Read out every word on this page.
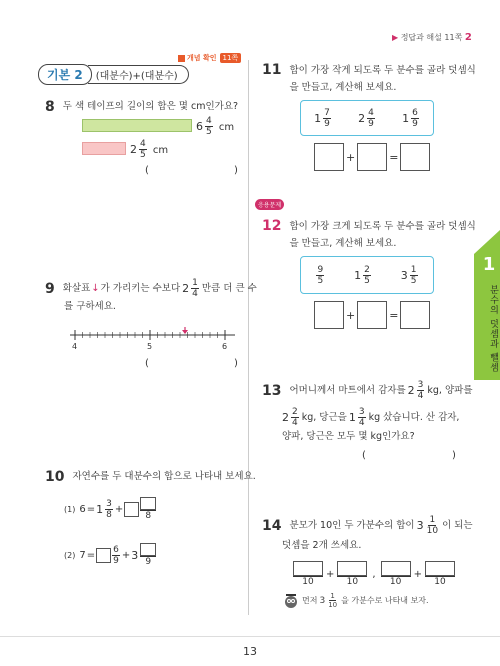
▶ 정답과 해설 11쪽 2
개념 확인 11쪽
기본 2	(대분수)+(대분수)
1
분수의 덧셈과 뺄셈
8 두 색 테이프의 길이의 합은 몇 cm인가요?
$6 \frac{4}{5}$ cm
$2 \frac{4}{5}$ cm
(	)
9 화살표 ↓ 가 가리키는 수보다 $2 \frac{1}{4}$ 만큼 더 큰 수
를 구하세요.
4	5	6
(	)
10 자연수를 두 대분수의 합으로 나타내 보세요.
(1) $6 = 1 \frac{3}{8}$ +
8
(2) $7 = \frac{6}{9} + 3$
9
11 합이 가장 작게 되도록 두 분수를 골라 덧셈식
을 만들고, 계산해 보세요.
$1 \frac{7}{9} 2 \frac{4}{9} 1 \frac{6}{9}$
+	=
응용문제
12 합이 가장 크게 되도록 두 분수를 골라 덧셈식
을 만들고, 계산해 보세요.
$\frac{9}{5}$	$1 \frac{2}{5}$	$3 \frac{1}{5}$
+	=
13 어머니께서 마트에서 감자를 $2 \frac{3}{4}$ kg, 양파를
$2 \frac{2}{4}$ kg, 당근을 $1 \frac{3}{4}$ kg 샀습니다. 산 감자,
양파, 당근은 모두 몇 kg인가요?
(	)
14 분모가 10인 두 가분수의 합이 $3 \frac{1}{10}$ 이 되는
덧셈을 2개 쓰세요.
10
+
10
,
10
+
10
먼저 $3 \frac{1}{10}$ 을 가분수로 나타내 보자.
13
